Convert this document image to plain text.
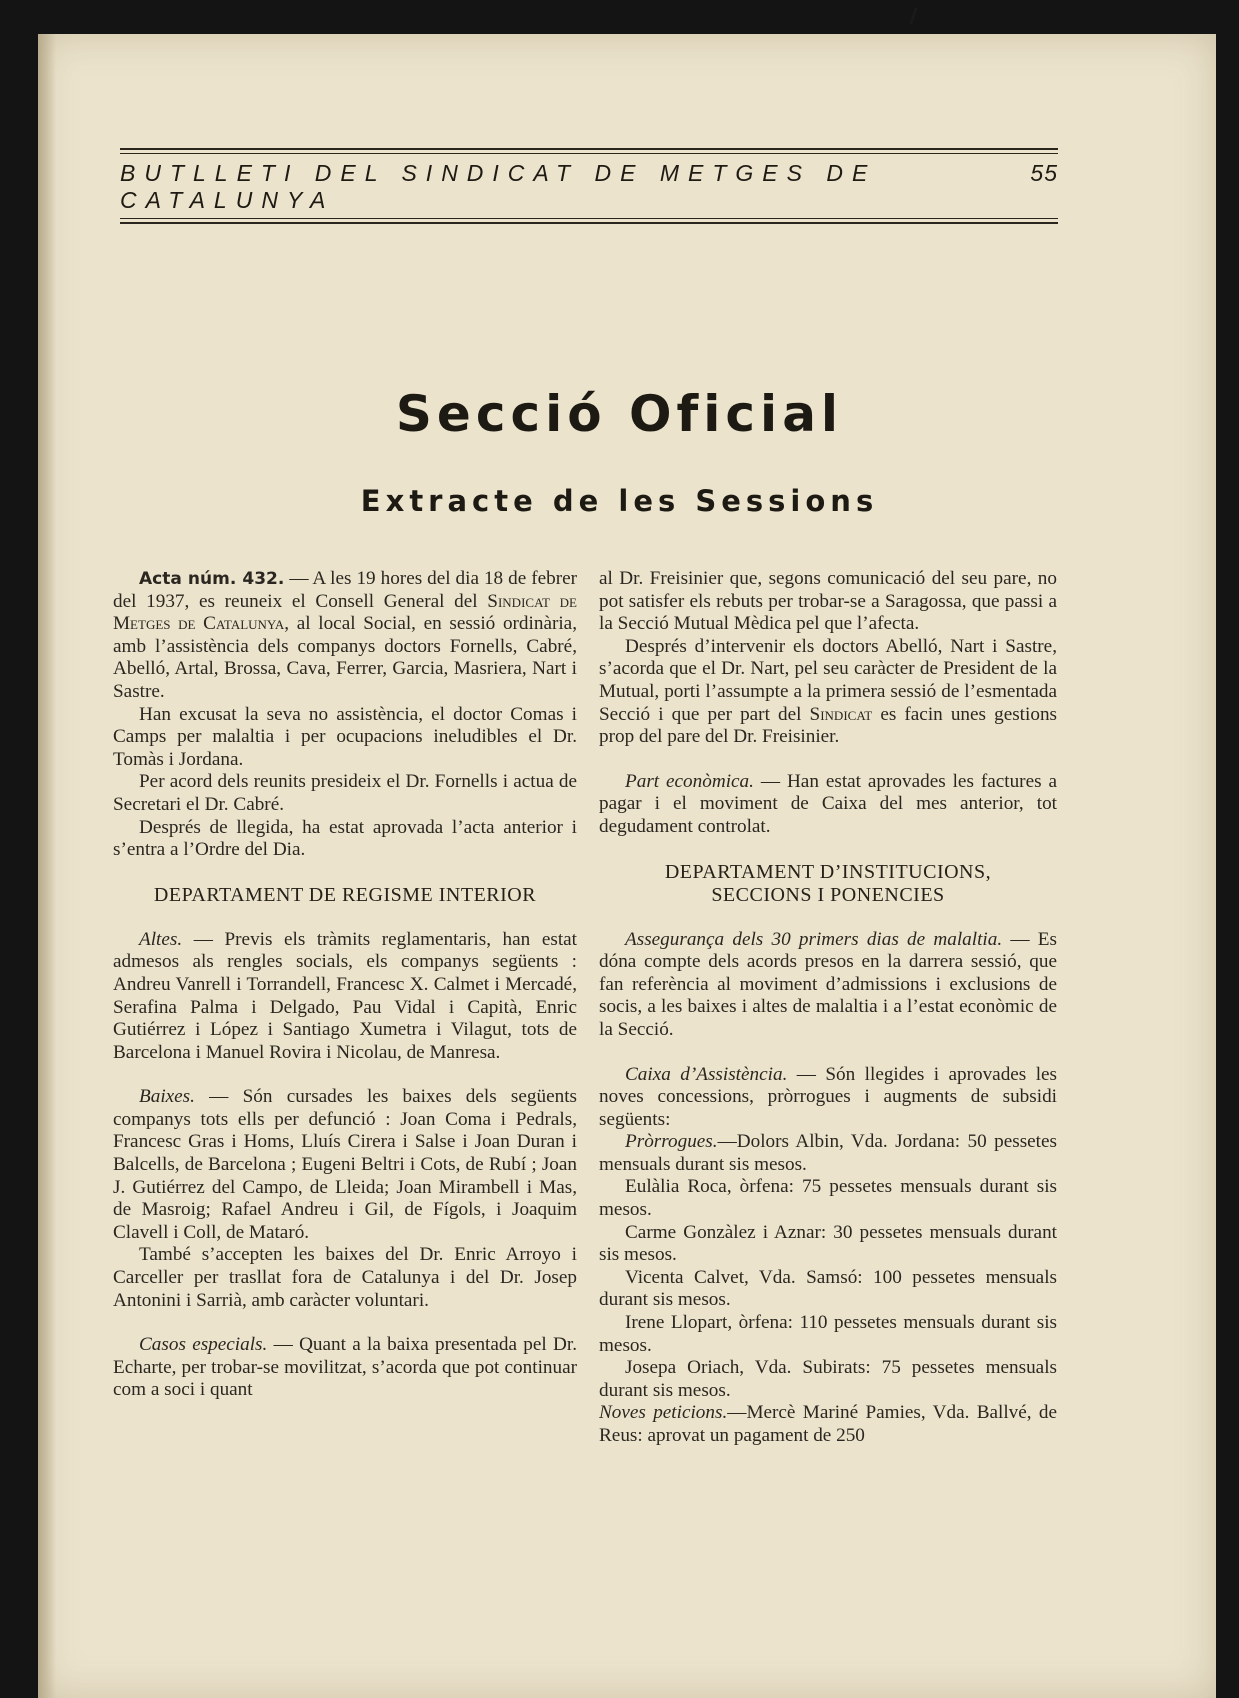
BUTLLETI DEL SINDICAT DE METGES DE CATALUNYA
55
Secció Oficial
Extracte de les Sessions

Acta núm. 432. — A les 19 hores del dia 18 de febrer del 1937, es reuneix el Consell General del Sindicat de Metges de Catalunya, al local Social, en sessió ordinària, amb l’assistència dels companys doctors Fornells, Cabré, Abelló, Artal, Brossa, Cava, Ferrer, Garcia, Masriera, Nart i Sastre.

Han excusat la seva no assistència, el doctor Comas i Camps per malaltia i per ocupacions ineludibles el Dr. Tomàs i Jordana.

Per acord dels reunits presideix el Dr. Fornells i actua de Secretari el Dr. Cabré.

Després de llegida, ha estat aprovada l’acta anterior i s’entra a l’Ordre del Dia.

DEPARTAMENT DE REGISME INTERIOR

Altes. — Previs els tràmits reglamentaris, han estat admesos als rengles socials, els companys següents : Andreu Vanrell i Torrandell, Francesc X. Calmet i Mercadé, Serafina Palma i Delgado, Pau Vidal i Capità, Enric Gutiérrez i López i Santiago Xumetra i Vilagut, tots de Barcelona i Manuel Rovira i Nicolau, de Manresa.

Baixes. — Són cursades les baixes dels següents companys tots ells per defunció : Joan Coma i Pedrals, Francesc Gras i Homs, Lluís Cirera i Salse i Joan Duran i Balcells, de Barcelona ; Eugeni Beltri i Cots, de Rubí ; Joan J. Gutiérrez del Campo, de Lleida; Joan Mirambell i Mas, de Masroig; Rafael Andreu i Gil, de Fígols, i Joaquim Clavell i Coll, de Mataró.

També s’accepten les baixes del Dr. Enric Arroyo i Carceller per trasllat fora de Catalunya i del Dr. Josep Antonini i Sarrià, amb caràcter voluntari.

Casos especials. — Quant a la baixa presentada pel Dr. Echarte, per trobar-se movilitzat, s’acorda que pot continuar com a soci i quant

al Dr. Freisinier que, segons comunicació del seu pare, no pot satisfer els rebuts per trobar-se a Saragossa, que passi a la Secció Mutual Mèdica pel que l’afecta.

Després d’intervenir els doctors Abelló, Nart i Sastre, s’acorda que el Dr. Nart, pel seu caràcter de President de la Mutual, porti l’assumpte a la primera sessió de l’esmentada Secció i que per part del Sindicat es facin unes gestions prop del pare del Dr. Freisinier.

Part econòmica. — Han estat aprovades les factures a pagar i el moviment de Caixa del mes anterior, tot degudament controlat.

DEPARTAMENT D’INSTITUCIONS,
SECCIONS I PONENCIES

Assegurança dels 30 primers dias de malaltia. — Es dóna compte dels acords presos en la darrera sessió, que fan referència al moviment d’admissions i exclusions de socis, a les baixes i altes de malaltia i a l’estat econòmic de la Secció.

Caixa d’Assistència. — Són llegides i aprovades les noves concessions, pròrrogues i augments de subsidi següents:

Pròrrogues.—Dolors Albin, Vda. Jordana: 50 pessetes mensuals durant sis mesos.

Eulàlia Roca, òrfena: 75 pessetes mensuals durant sis mesos.

Carme Gonzàlez i Aznar: 30 pessetes mensuals durant sis mesos.

Vicenta Calvet, Vda. Samsó: 100 pessetes mensuals durant sis mesos.

Irene Llopart, òrfena: 110 pessetes mensuals durant sis mesos.

Josepa Oriach, Vda. Subirats: 75 pessetes mensuals durant sis mesos.

Noves peticions.—Mercè Mariné Pamies, Vda. Ballvé, de Reus: aprovat un pagament de 250
